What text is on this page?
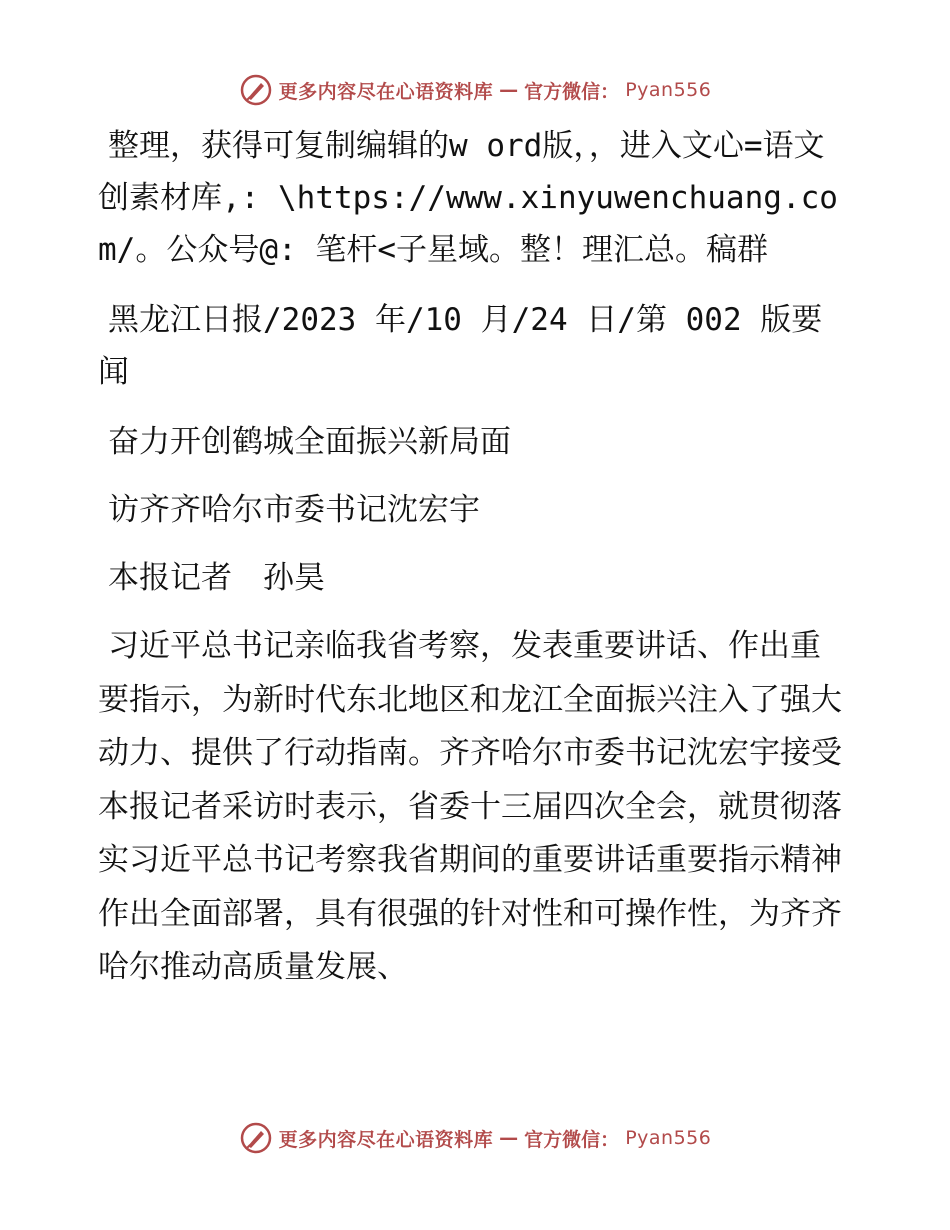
更多内容尽在心语资料库 — 官方微信： Pyan556

整理，获得可复制编辑的w ord版，，进入文心=语文创素材库,: \https://www.xinyuwenchuang.com/。公众号@: 笔杆<子星域。整！理汇总。稿群

黑龙江日报/2023 年/10 月/24 日/第 002 版要闻

奋力开创鹤城全面振兴新局面

访齐齐哈尔市委书记沈宏宇

本报记者　孙昊

习近平总书记亲临我省考察，发表重要讲话、作出重要指示，为新时代东北地区和龙江全面振兴注入了强大动力、提供了行动指南。齐齐哈尔市委书记沈宏宇接受本报记者采访时表示，省委十三届四次全会，就贯彻落实习近平总书记考察我省期间的重要讲话重要指示精神作出全面部署，具有很强的针对性和可操作性，为齐齐哈尔推动高质量发展、

更多内容尽在心语资料库 — 官方微信： Pyan556
